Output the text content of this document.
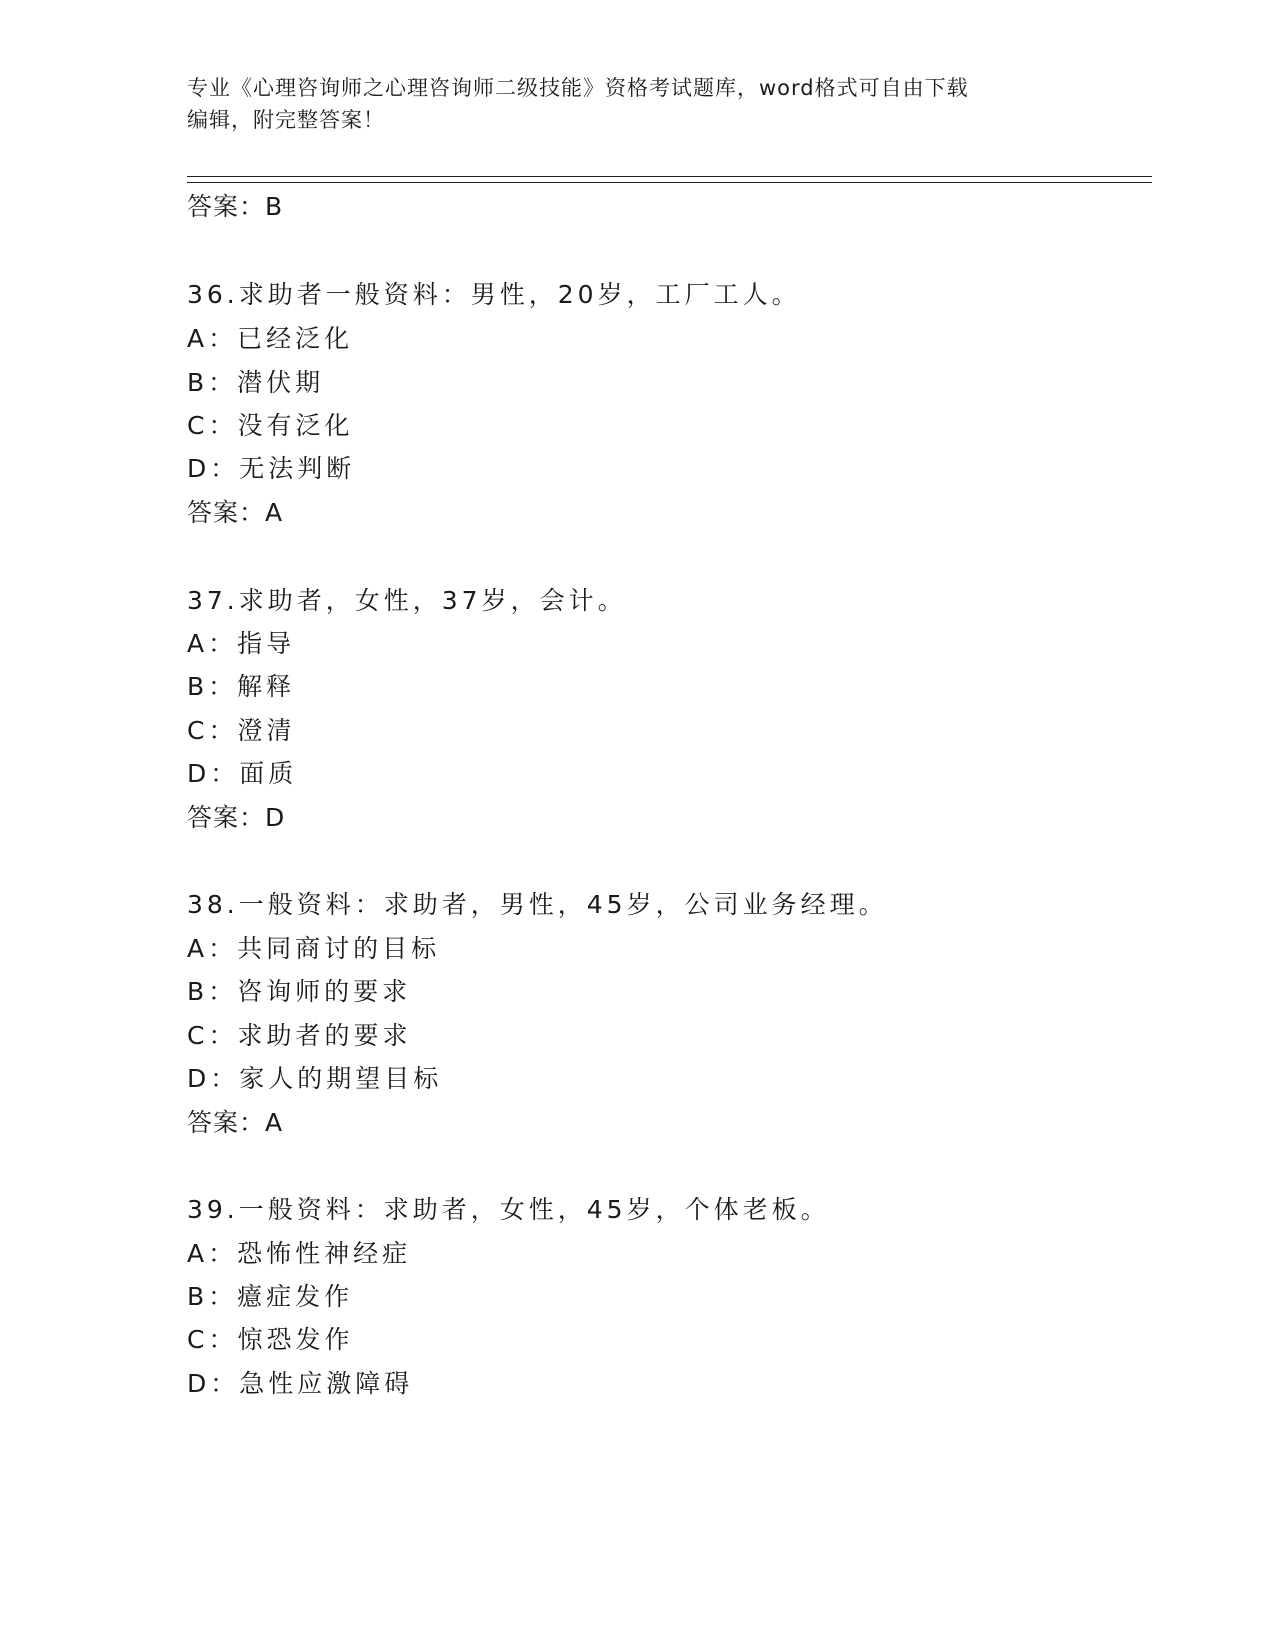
专业《心理咨询师之心理咨询师二级技能》资格考试题库，word格式可自由下载
编辑，附完整答案！
答案：B
36.求助者一般资料：男性，20岁，工厂工人。
A：已经泛化
B：潜伏期
C：没有泛化
D：无法判断
答案：A
37.求助者，女性，37岁，会计。
A：指导
B：解释
C：澄清
D：面质
答案：D
38.一般资料：求助者，男性，45岁，公司业务经理。
A：共同商讨的目标
B：咨询师的要求
C：求助者的要求
D：家人的期望目标
答案：A
39.一般资料：求助者，女性，45岁，个体老板。
A：恐怖性神经症
B：癔症发作
C：惊恐发作
D：急性应激障碍
